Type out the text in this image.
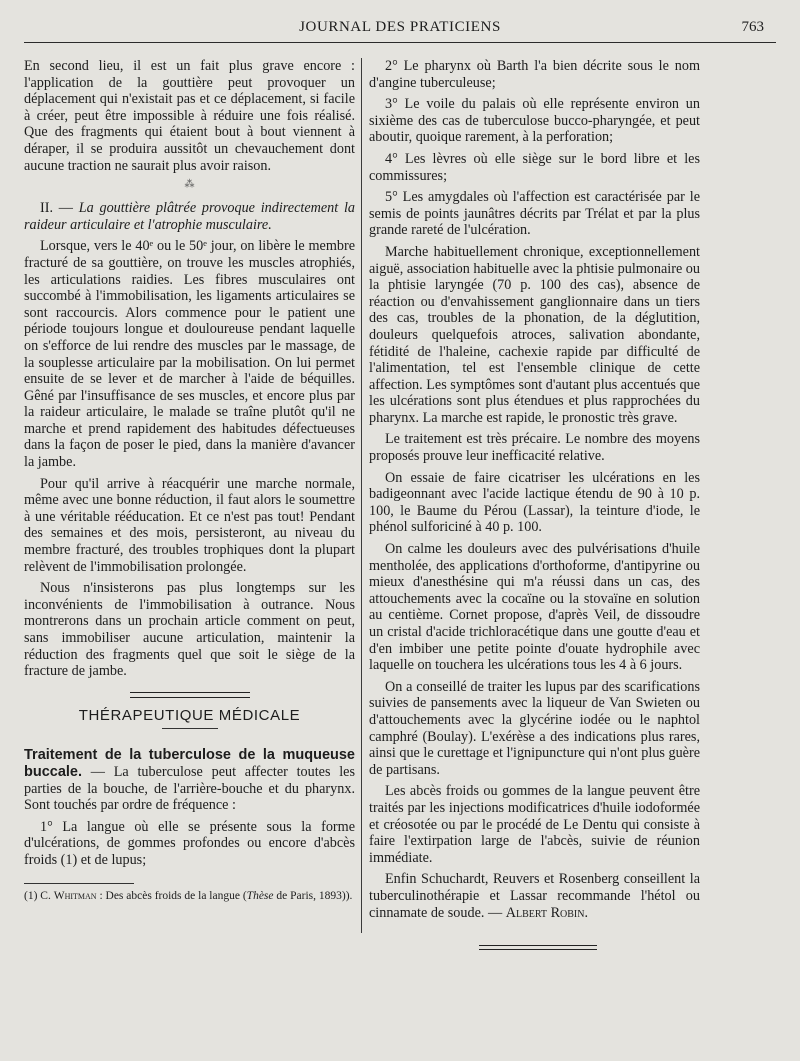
JOURNAL DES PRATICIENS	763

En second lieu, il est un fait plus grave encore : l'application de la gouttière peut provoquer un déplacement qui n'existait pas et ce déplacement, si facile à créer, peut être impossible à réduire une fois réalisé. Que des fragments qui étaient bout à bout viennent à déraper, il se produira aussitôt un chevauchement dont aucune traction ne saurait plus avoir raison.

⁂

II. — La gouttière plâtrée provoque indirectement la raideur articulaire et l'atrophie musculaire.

Lorsque, vers le 40ᵉ ou le 50ᵉ jour, on libère le membre fracturé de sa gouttière, on trouve les muscles atrophiés, les articulations raidies. Les fibres musculaires ont succombé à l'immobilisation, les ligaments articulaires se sont raccourcis. Alors commence pour le patient une période toujours longue et douloureuse pendant laquelle on s'efforce de lui rendre des muscles par le massage, de la souplesse articulaire par la mobilisation. On lui permet ensuite de se lever et de marcher à l'aide de béquilles. Gêné par l'insuffisance de ses muscles, et encore plus par la raideur articulaire, le malade se traîne plutôt qu'il ne marche et prend rapidement des habitudes défectueuses dans la façon de poser le pied, dans la manière d'avancer la jambe.

Pour qu'il arrive à réacquérir une marche normale, même avec une bonne réduction, il faut alors le soumettre à une véritable rééducation. Et ce n'est pas tout! Pendant des semaines et des mois, persisteront, au niveau du membre fracturé, des troubles trophiques dont la plupart relèvent de l'immobilisation prolongée.

Nous n'insisterons pas plus longtemps sur les inconvénients de l'immobilisation à outrance. Nous montrerons dans un prochain article comment on peut, sans immobiliser aucune articulation, maintenir la réduction des fragments quel que soit le siège de la fracture de jambe.

THÉRAPEUTIQUE MÉDICALE

Traitement de la tuberculose de la muqueuse buccale. — La tuberculose peut affecter toutes les parties de la bouche, de l'arrière-bouche et du pharynx. Sont touchés par ordre de fréquence :

1° La langue où elle se présente sous la forme d'ulcérations, de gommes profondes ou encore d'abcès froids (1) et de lupus;

(1) C. Whitman : Des abcès froids de la langue (Thèse de Paris, 1893)).

2° Le pharynx où Barth l'a bien décrite sous le nom d'angine tuberculeuse;

3° Le voile du palais où elle représente environ un sixième des cas de tuberculose bucco-pharyngée, et peut aboutir, quoique rarement, à la perforation;

4° Les lèvres où elle siège sur le bord libre et les commissures;

5° Les amygdales où l'affection est caractérisée par le semis de points jaunâtres décrits par Trélat et par la plus grande rareté de l'ulcération.

Marche habituellement chronique, exceptionnellement aiguë, association habituelle avec la phtisie pulmonaire ou la phtisie laryngée (70 p. 100 des cas), absence de réaction ou d'envahissement ganglionnaire dans un tiers des cas, troubles de la phonation, de la déglutition, douleurs quelquefois atroces, salivation abondante, fétidité de l'haleine, cachexie rapide par difficulté de l'alimentation, tel est l'ensemble clinique de cette affection. Les symptômes sont d'autant plus accentués que les ulcérations sont plus étendues et plus rapprochées du pharynx. La marche est rapide, le pronostic très grave.

Le traitement est très précaire. Le nombre des moyens proposés prouve leur inefficacité relative.

On essaie de faire cicatriser les ulcérations en les badigeonnant avec l'acide lactique étendu de 90 à 10 p. 100, le Baume du Pérou (Lassar), la teinture d'iode, le phénol sulforiciné à 40 p. 100.

On calme les douleurs avec des pulvérisations d'huile mentholée, des applications d'orthoforme, d'antipyrine ou mieux d'anesthésine qui m'a réussi dans un cas, des attouchements avec la cocaïne ou la stovaïne en solution au centième. Cornet propose, d'après Veil, de dissoudre un cristal d'acide trichloracétique dans une goutte d'eau et d'en imbiber une petite pointe d'ouate hydrophile avec laquelle on touchera les ulcérations tous les 4 à 6 jours.

On a conseillé de traiter les lupus par des scarifications suivies de pansements avec la liqueur de Van Swieten ou d'attouchements avec la glycérine iodée ou le naphtol camphré (Boulay). L'exérèse a des indications plus rares, ainsi que le curettage et l'ignipuncture qui n'ont plus guère de partisans.

Les abcès froids ou gommes de la langue peuvent être traités par les injections modificatrices d'huile iodoformée et créosotée ou par le procédé de Le Dentu qui consiste à faire l'extirpation large de l'abcès, suivie de réunion immédiate.

Enfin Schuchardt, Reuvers et Rosenberg conseillent la tuberculinothérapie et Lassar recommande l'hétol ou cinnamate de soude. — Albert Robin.
